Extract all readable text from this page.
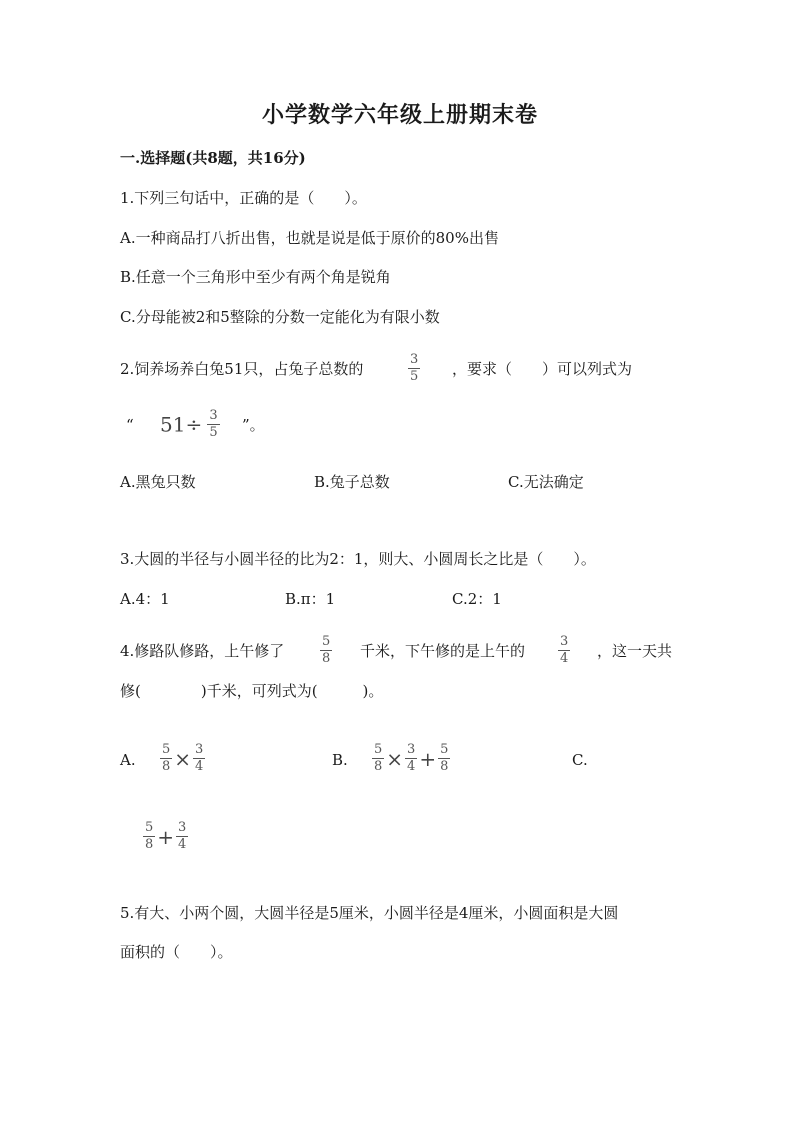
小学数学六年级上册期末卷
一.选择题(共8题，共16分)
1.下列三句话中，正确的是（　　）。
A.一种商品打八折出售，也就是说是低于原价的80%出售
B.任意一个三角形中至少有两个角是锐角
C.分母能被2和5整除的分数一定能化为有限小数
2.饲养场养白兔51只，占兔子总数的	$\frac{3}{5}$ ，要求（　　）可以列式为
“ $51\div \frac{3}{5}$ ”。
A.黑兔只数	B.兔子总数	C.无法确定
3.大圆的半径与小圆半径的比为2：1，则大、小圆周长之比是（　　）。
A.4：1	B.π：1	C.2：1
4.修路队修路，上午修了	$\frac{5}{8}$ 千米，下午修的是上午的	$\frac{3}{4}$ ，这一天共
修(　　　　)千米，可列式为(　　　)。
A. $\frac{5}{8} \times \frac{3}{4}$	B. $\frac{5}{8} \times \frac{3}{4} + \frac{5}{8}$	C.
$\frac{5}{8} + \frac{3}{4}$
5.有大、小两个圆，大圆半径是5厘米，小圆半径是4厘米，小圆面积是大圆
面积的（　　）。
